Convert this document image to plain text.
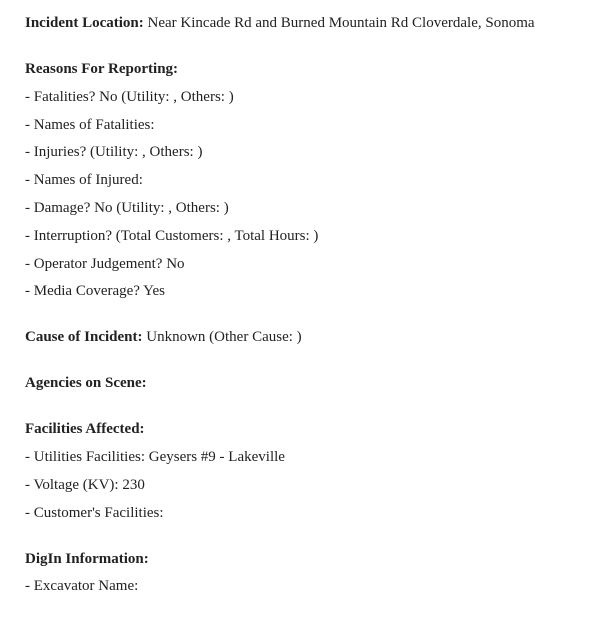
Incident Location: Near Kincade Rd and Burned Mountain Rd Cloverdale, Sonoma
Reasons For Reporting:
- Fatalities? No (Utility: , Others: )
- Names of Fatalities:
- Injuries? (Utility: , Others: )
- Names of Injured:
- Damage? No (Utility: , Others: )
- Interruption? (Total Customers: , Total Hours: )
- Operator Judgement? No
- Media Coverage? Yes
Cause of Incident: Unknown (Other Cause: )
Agencies on Scene:
Facilities Affected:
- Utilities Facilities: Geysers #9 - Lakeville
- Voltage (KV): 230
- Customer's Facilities:
DigIn Information:
- Excavator Name:
